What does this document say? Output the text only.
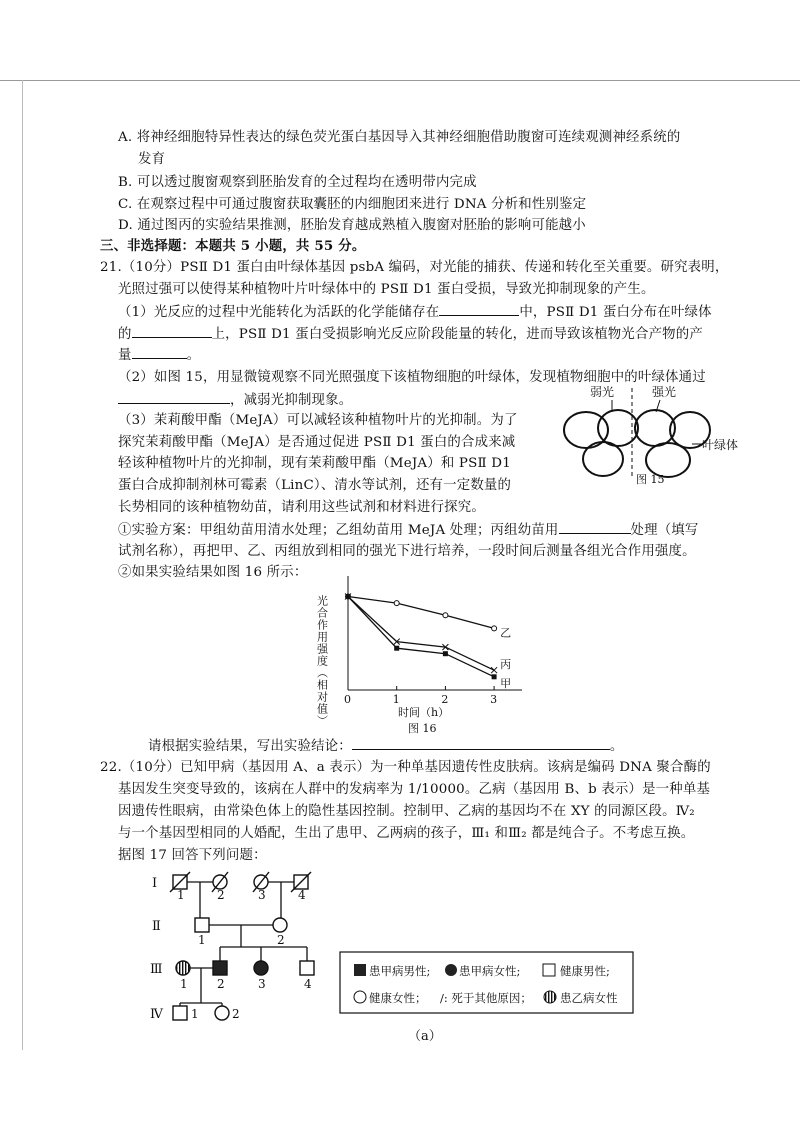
A. 将神经细胞特异性表达的绿色荧光蛋白基因导入其神经细胞借助腹窗可连续观测神经系统的
发育
B. 可以透过腹窗观察到胚胎发育的全过程均在透明带内完成
C. 在观察过程中可通过腹窗获取囊胚的内细胞团来进行 DNA 分析和性别鉴定
D. 通过图丙的实验结果推测，胚胎发育越成熟植入腹窗对胚胎的影响可能越小
三、非选择题：本题共 5 小题，共 55 分。
21.（10分）PSⅡ D1 蛋白由叶绿体基因 psbA 编码，对光能的捕获、传递和转化至关重要。研究表明，
光照过强可以使得某种植物叶片叶绿体中的 PSⅡ D1 蛋白受损，导致光抑制现象的产生。
（1）光反应的过程中光能转化为活跃的化学能储存在	中，PSⅡ D1 蛋白分布在叶绿体
的	上，PSⅡ D1 蛋白受损影响光反应阶段能量的转化，进而导致该植物光合产物的产
量	。
（2）如图 15，用显微镜观察不同光照强度下该植物细胞的叶绿体，发现植物细胞中的叶绿体通过
，减弱光抑制现象。
（3）茉莉酸甲酯（MeJA）可以减轻该种植物叶片的光抑制。为了
探究茉莉酸甲酯（MeJA）是否通过促进 PSⅡ D1 蛋白的合成来减
轻该种植物叶片的光抑制，现有茉莉酸甲酯（MeJA）和 PSⅡ D1
蛋白合成抑制剂林可霉素（LinC）、清水等试剂，还有一定数量的
长势相同的该种植物幼苗，请利用这些试剂和材料进行探究。
①实验方案：甲组幼苗用清水处理；乙组幼苗用 MeJA 处理；丙组幼苗用	处理（填写
试剂名称），再把甲、乙、丙组放到相同的强光下进行培养，一段时间后测量各组光合作用强度。
②如果实验结果如图 16 所示：
弱光	强光
叶绿体
图 15
光合作用强度（相对值）	时间（h）
图 16
0	1	2	3
乙
丙
甲
请根据实验结果，写出实验结论：	。
22.（10分）已知甲病（基因用 A、a 表示）为一种单基因遗传性皮肤病。该病是编码 DNA 聚合酶的
基因发生突变导致的，该病在人群中的发病率为 1/10000。乙病（基因用 B、b 表示）是一种单基
因遗传性眼病，由常染色体上的隐性基因控制。控制甲、乙病的基因均不在 XY 的同源区段。Ⅳ₂
与一个基因型相同的人婚配，生出了患甲、乙两病的孩子，Ⅲ₁ 和Ⅲ₂ 都是纯合子。不考虑互换。
据图 17 回答下列问题：
Ⅰ
Ⅱ
Ⅲ
Ⅳ
1	2	3	4
1	2
1 2	3	4
1	2
患甲病男性; 患甲病女性;	健康男性;
健康女性； /: 死于其他原因； 患乙病女性
（a）
